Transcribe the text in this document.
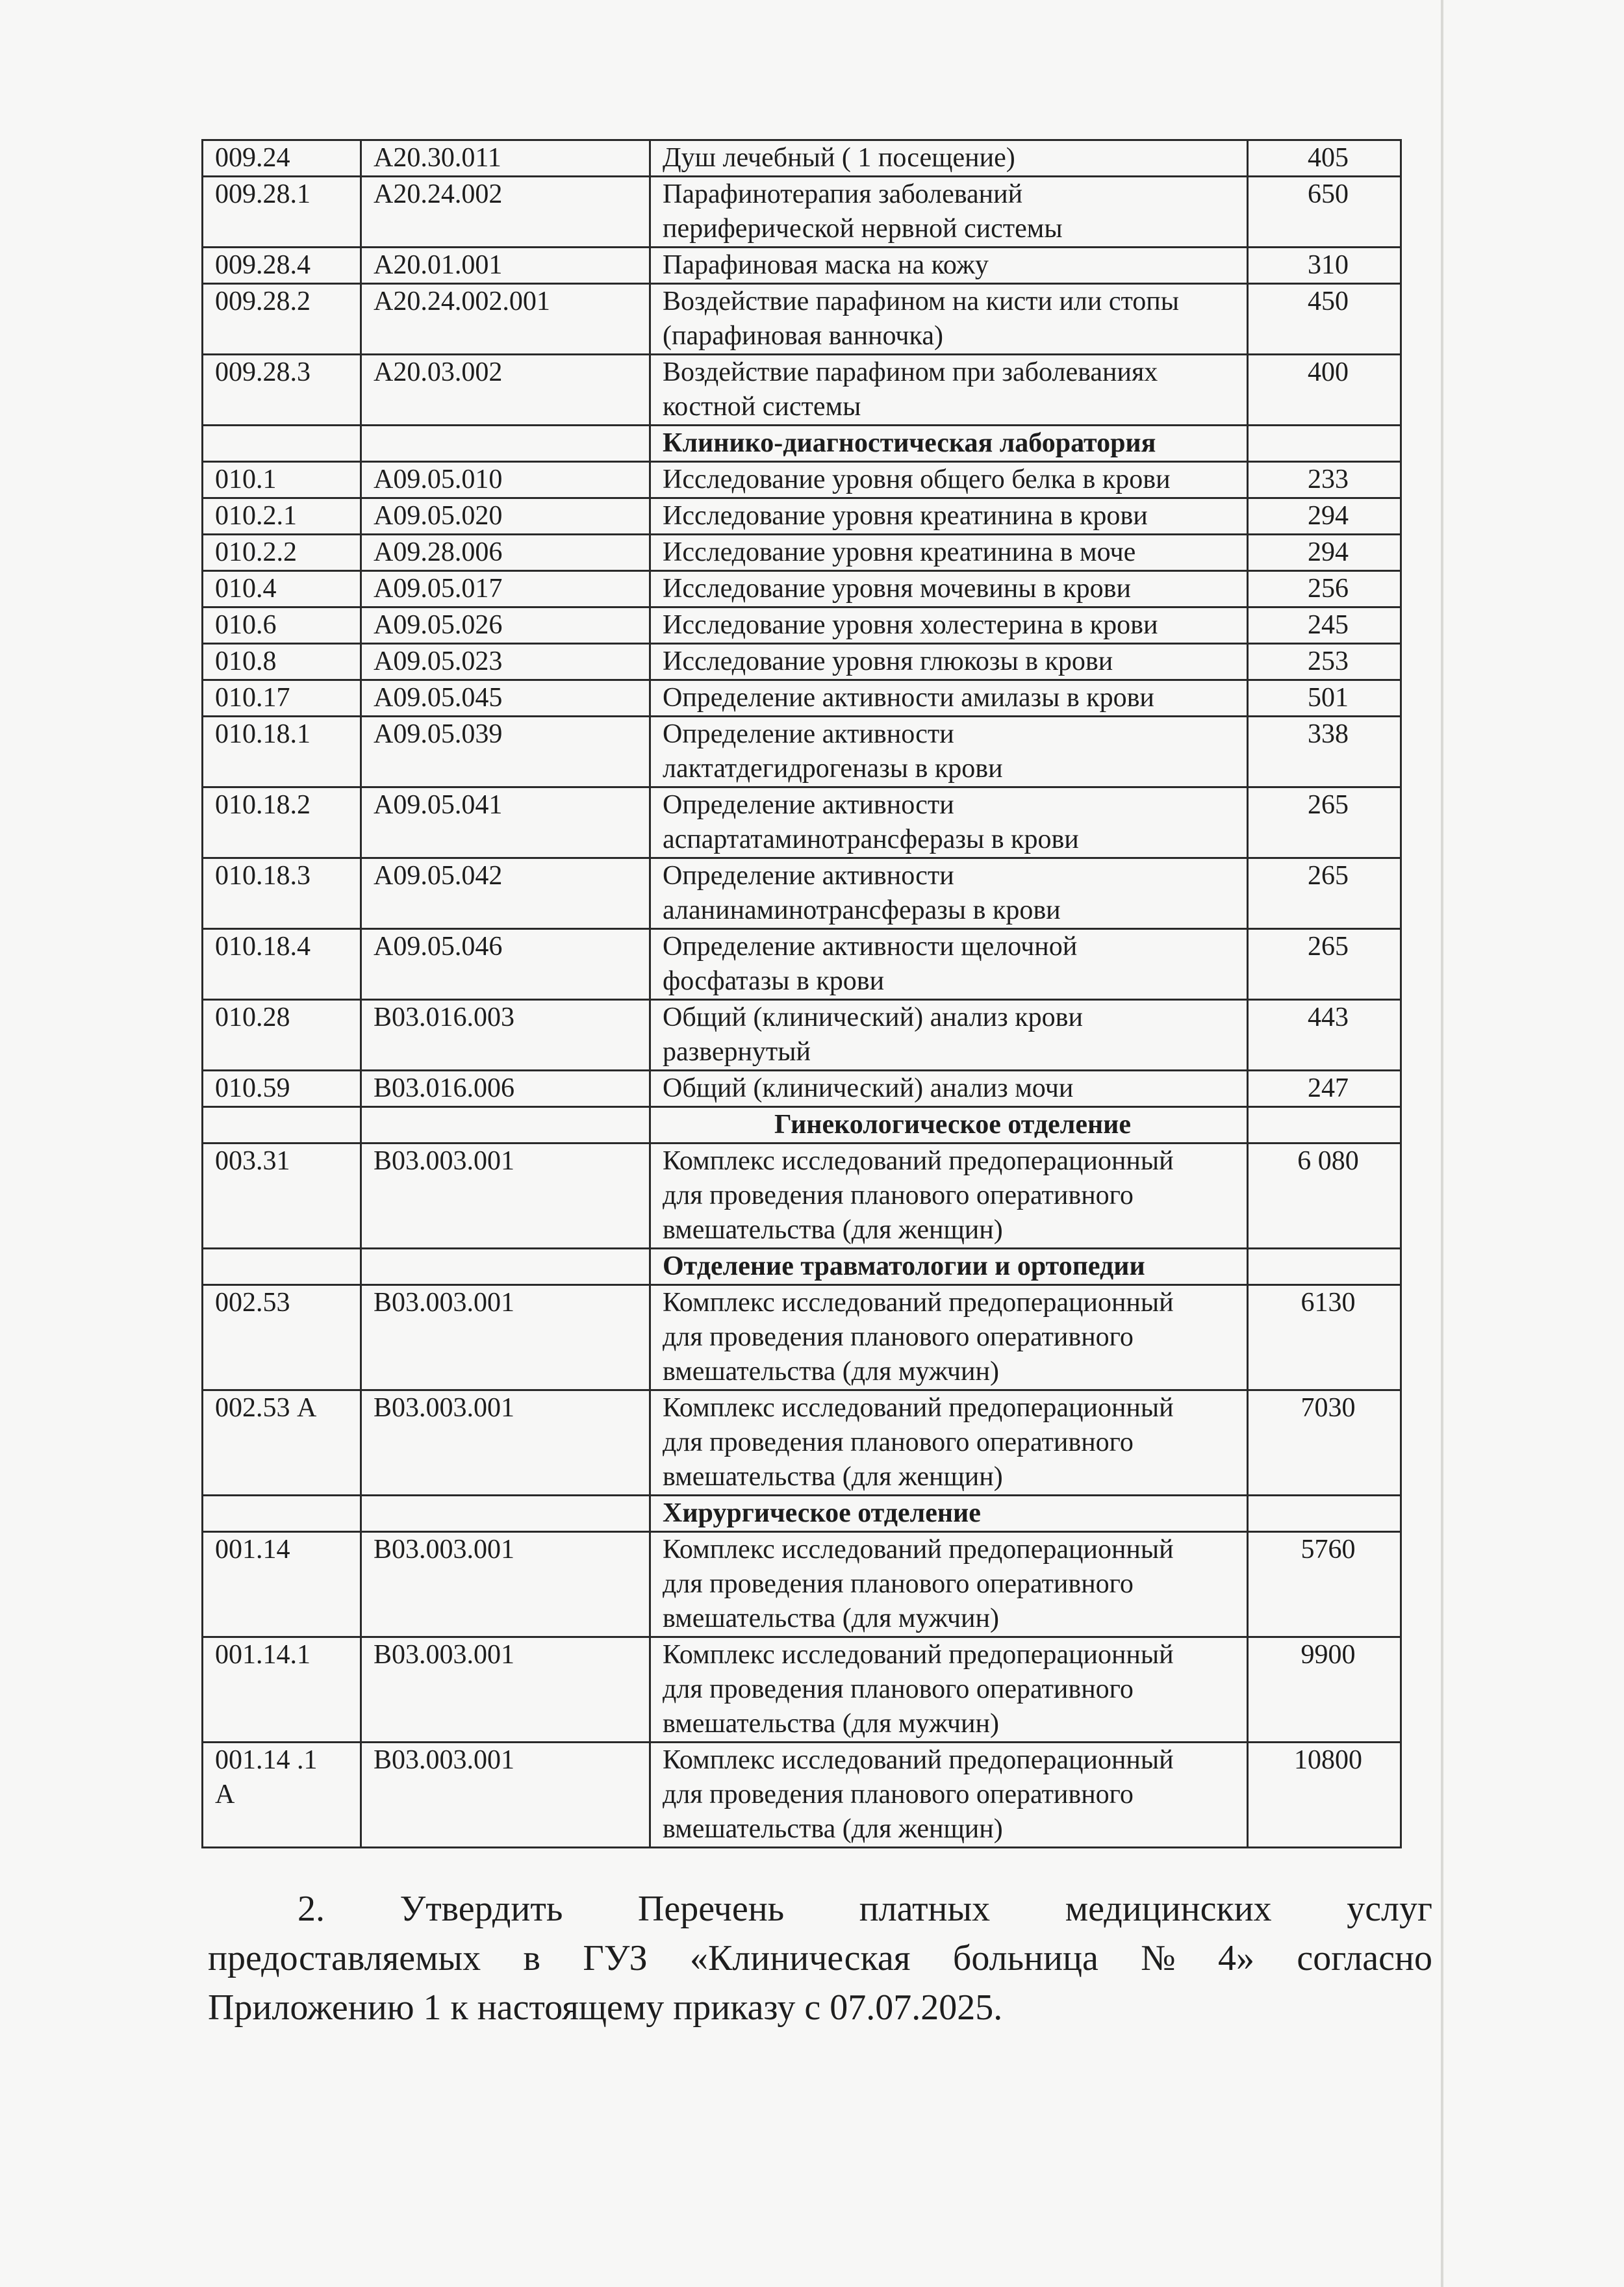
009.24	A20.30.011	Душ лечебный ( 1 посещение)	405
009.28.1	A20.24.002	Парафинотерапия заболеваний
периферической нервной системы	650
009.28.4	A20.01.001	Парафиновая маска на кожу	310
009.28.2	A20.24.002.001	Воздействие парафином на кисти или стопы
(парафиновая ванночка)	450
009.28.3	A20.03.002	Воздействие парафином при заболеваниях
костной системы	400
		Клинико-диагностическая лаборатория	
010.1	A09.05.010	Исследование уровня общего белка в крови	233
010.2.1	A09.05.020	Исследование уровня креатинина в крови	294
010.2.2	A09.28.006	Исследование уровня креатинина в моче	294
010.4	A09.05.017	Исследование уровня мочевины в крови	256
010.6	A09.05.026	Исследование уровня холестерина в крови	245
010.8	A09.05.023	Исследование уровня глюкозы в крови	253
010.17	A09.05.045	Определение активности амилазы в крови	501
010.18.1	A09.05.039	Определение активности
лактатдегидрогеназы в крови	338
010.18.2	A09.05.041	Определение активности
аспартатаминотрансферазы в крови	265
010.18.3	A09.05.042	Определение активности
аланинаминотрансферазы в крови	265
010.18.4	A09.05.046	Определение активности щелочной
фосфатазы в крови	265
010.28	B03.016.003	Общий (клинический) анализ крови
развернутый	443
010.59	B03.016.006	Общий (клинический) анализ мочи	247
		Гинекологическое отделение	
003.31	B03.003.001	Комплекс исследований предоперационный
для проведения планового оперативного
вмешательства (для женщин)	6 080
		Отделение травматологии и ортопедии	
002.53	B03.003.001	Комплекс исследований предоперационный
для проведения планового оперативного
вмешательства (для мужчин)	6130
002.53 А	B03.003.001	Комплекс исследований предоперационный
для проведения планового оперативного
вмешательства (для женщин)	7030
		Хирургическое отделение	
001.14	B03.003.001	Комплекс исследований предоперационный
для проведения планового оперативного
вмешательства (для мужчин)	5760
001.14.1	B03.003.001	Комплекс исследований предоперационный
для проведения планового оперативного
вмешательства (для мужчин)	9900
001.14 .1
А	B03.003.001	Комплекс исследований предоперационный
для проведения планового оперативного
вмешательства (для женщин)	10800
2. Утвердить Перечень платных медицинских услуг
предоставляемых в ГУЗ «Клиническая больница № 4» согласно
Приложению 1 к настоящему приказу с 07.07.2025.
